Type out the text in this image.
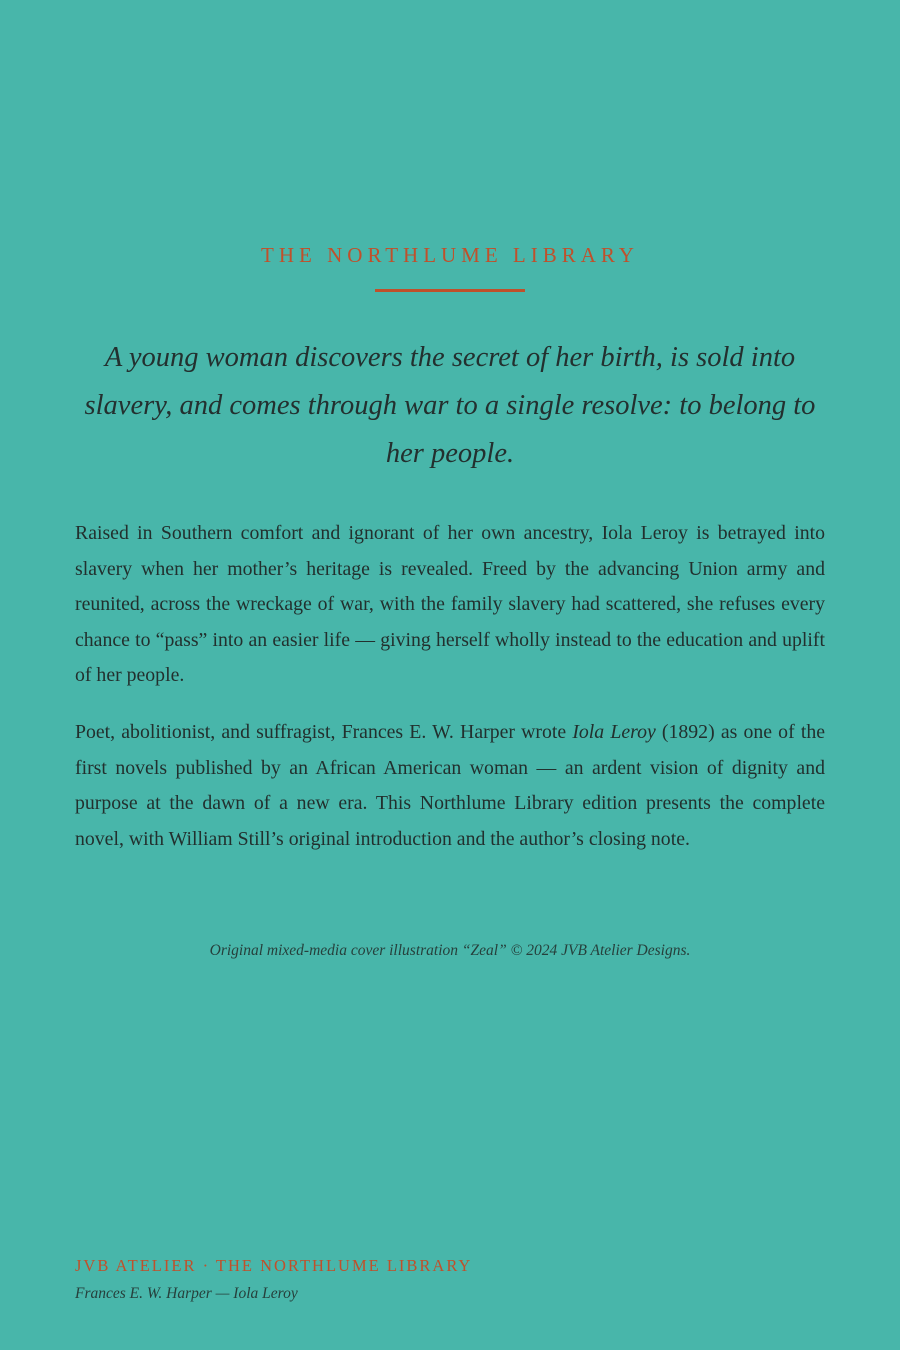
THE NORTHLUME LIBRARY
A young woman discovers the secret of her birth, is sold into slavery, and comes through war to a single resolve: to belong to her people.

Raised in Southern comfort and ignorant of her own ancestry, Iola Leroy is betrayed into slavery when her mother’s heritage is revealed. Freed by the advancing Union army and reunited, across the wreckage of war, with the family slavery had scattered, she refuses every chance to “pass” into an easier life — giving herself wholly instead to the education and uplift of her people.

Poet, abolitionist, and suffragist, Frances E. W. Harper wrote Iola Leroy (1892) as one of the first novels published by an African American woman — an ardent vision of dignity and purpose at the dawn of a new era. This Northlume Library edition presents the complete novel, with William Still’s original introduction and the author’s closing note.

Original mixed-media cover illustration “Zeal” © 2024 JVB Atelier Designs.
JVB ATELIER · THE NORTHLUME LIBRARY
Frances E. W. Harper — Iola Leroy
